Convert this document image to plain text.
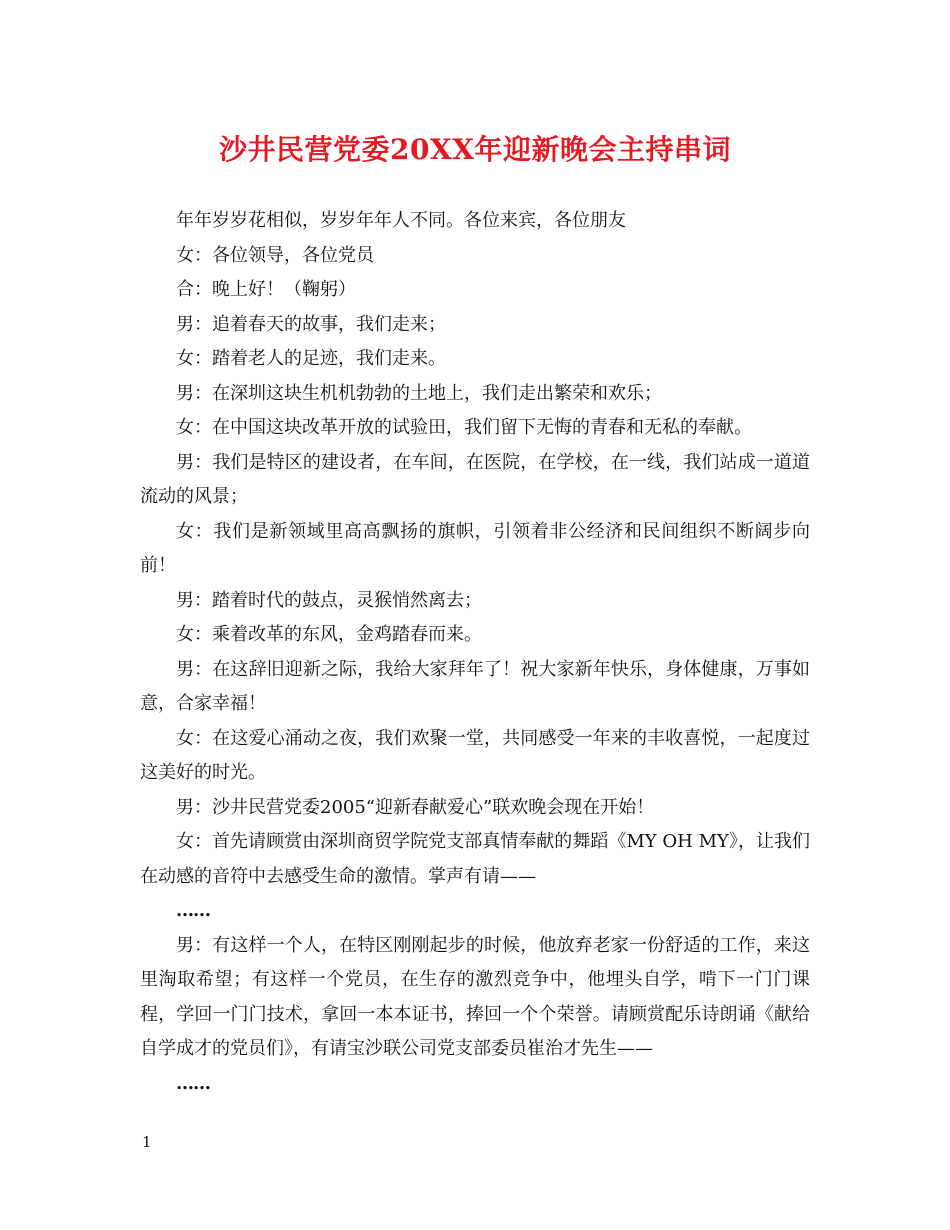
沙井民营党委20XX年迎新晚会主持串词

年年岁岁花相似，岁岁年年人不同。各位来宾，各位朋友

女：各位领导，各位党员

合：晚上好！（鞠躬）

男：追着春天的故事，我们走来；

女：踏着老人的足迹，我们走来。

男：在深圳这块生机机勃勃的土地上，我们走出繁荣和欢乐；

女：在中国这块改革开放的试验田，我们留下无悔的青春和无私的奉献。

男：我们是特区的建设者，在车间，在医院，在学校，在一线，我们站成一道道流动的风景；

女：我们是新领域里高高飘扬的旗帜，引领着非公经济和民间组织不断阔步向前！

男：踏着时代的鼓点，灵猴悄然离去；

女：乘着改革的东风，金鸡踏春而来。

男：在这辞旧迎新之际，我给大家拜年了！祝大家新年快乐，身体健康，万事如意，合家幸福！

女：在这爱心涌动之夜，我们欢聚一堂，共同感受一年来的丰收喜悦，一起度过这美好的时光。

男：沙井民营党委2005“迎新春献爱心”联欢晚会现在开始！

女：首先请顾赏由深圳商贸学院党支部真情奉献的舞蹈《MY OH MY》，让我们在动感的音符中去感受生命的激情。掌声有请——

……

男：有这样一个人，在特区刚刚起步的时候，他放弃老家一份舒适的工作，来这里淘取希望；有这样一个党员，在生存的激烈竞争中，他埋头自学，啃下一门门课程，学回一门门技术，拿回一本本证书，捧回一个个荣誉。请顾赏配乐诗朗诵《献给自学成才的党员们》，有请宝沙联公司党支部委员崔治才先生——

……

1
